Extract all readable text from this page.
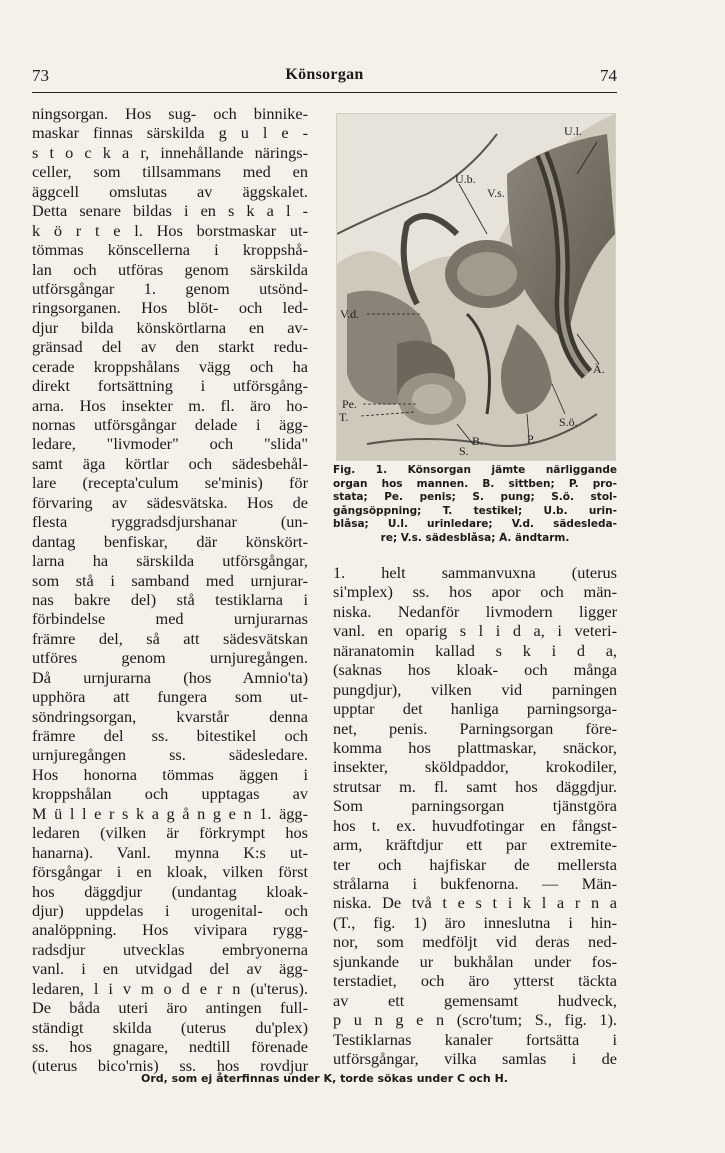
73	Könsorgan	74
ningsorgan. Hos sug- och binnike-
maskar finnas särskilda g u l e -
s t o c k a r, innehållande närings-
celler, som tillsammans med en
äggcell omslutas av äggskalet.
Detta senare bildas i en s k a l -
k ö r t e l. Hos borstmaskar ut-
tömmas könscellerna i kroppshå-
lan och utföras genom särskilda
utförsgångar 1. genom utsönd-
ringsorganen. Hos blöt- och led-
djur bilda könskörtlarna en av-
gränsad del av den starkt redu-
cerade kroppshålans vägg och ha
direkt fortsättning i utförsgång-
arna. Hos insekter m. fl. äro ho-
nornas utförsgångar delade i ägg-
ledare, "livmoder" och "slida"
samt äga körtlar och sädesbehål-
lare (recepta'culum se'minis) för
förvaring av sädesvätska. Hos de
flesta ryggradsdjurshanar (un-
dantag benfiskar, där könskört-
larna ha särskilda utförsgångar,
som stå i samband med urnjurar-
nas bakre del) stå testiklarna i
förbindelse med urnjurarnas
främre del, så att sädesvätskan
utföres genom urnjuregången.
Då urnjurarna (hos Amnio'ta)
upphöra att fungera som ut-
söndringsorgan, kvarstår denna
främre del ss. bitestikel och
urnjuregången ss. sädesledare.
Hos honorna tömmas äggen i
kroppshålan och upptagas av
M ü l l e r s k a g å n g e n 1. ägg-
ledaren (vilken är förkrympt hos
hanarna). Vanl. mynna K:s ut-
försgångar i en kloak, vilken först
hos däggdjur (undantag kloak-
djur) uppdelas i urogenital- och
analöppning. Hos vivipara rygg-
radsdjur utvecklas embryonerna
vanl. i en utvidgad del av ägg-
ledaren, l i v m o d e r n (u'terus).
De båda uteri äro antingen full-
ständigt skilda (uterus du'plex)
ss. hos gnagare, nedtill förenade
(uterus bico'rnis) ss. hos rovdjur
U.l.
U.b.
V.s.
V.d.
Ä.
Pe.
T.	S.ö.
S.
B.	P.
Fig. 1. Könsorgan jämte närliggande
organ hos mannen. B. sittben; P. pro-
stata; Pe. penis; S. pung; S.ö. stol-
gångsöppning; T. testikel; U.b. urin-
blåsa; U.l. urinledare; V.d. sädesleda-
re; V.s. sädesblåsa; Ä. ändtarm.
1. helt sammanvuxna (uterus
si'mplex) ss. hos apor och män-
niska. Nedanför livmodern ligger
vanl. en oparig s l i d a, i veteri-
näranatomin kallad s k i d a,
(saknas hos kloak- och många
pungdjur), vilken vid parningen
upptar det hanliga parningsorga-
net, penis. Parningsorgan före-
komma hos plattmaskar, snäckor,
insekter, sköldpaddor, krokodiler,
strutsar m. fl. samt hos däggdjur.
Som parningsorgan tjänstgöra
hos t. ex. huvudfotingar en fångst-
arm, kräftdjur ett par extremite-
ter och hajfiskar de mellersta
strålarna i bukfenorna. — Män-
niska. De två t e s t i k l a r n a
(T., fig. 1) äro inneslutna i hin-
nor, som medföljt vid deras ned-
sjunkande ur bukhålan under fos-
terstadiet, och äro ytterst täckta
av ett gemensamt hudveck,
p u n g e n (scro'tum; S., fig. 1).
Testiklarnas kanaler fortsätta i
utförsgångar, vilka samlas i de
Ord, som ej återfinnas under K, torde sökas under C och H.
